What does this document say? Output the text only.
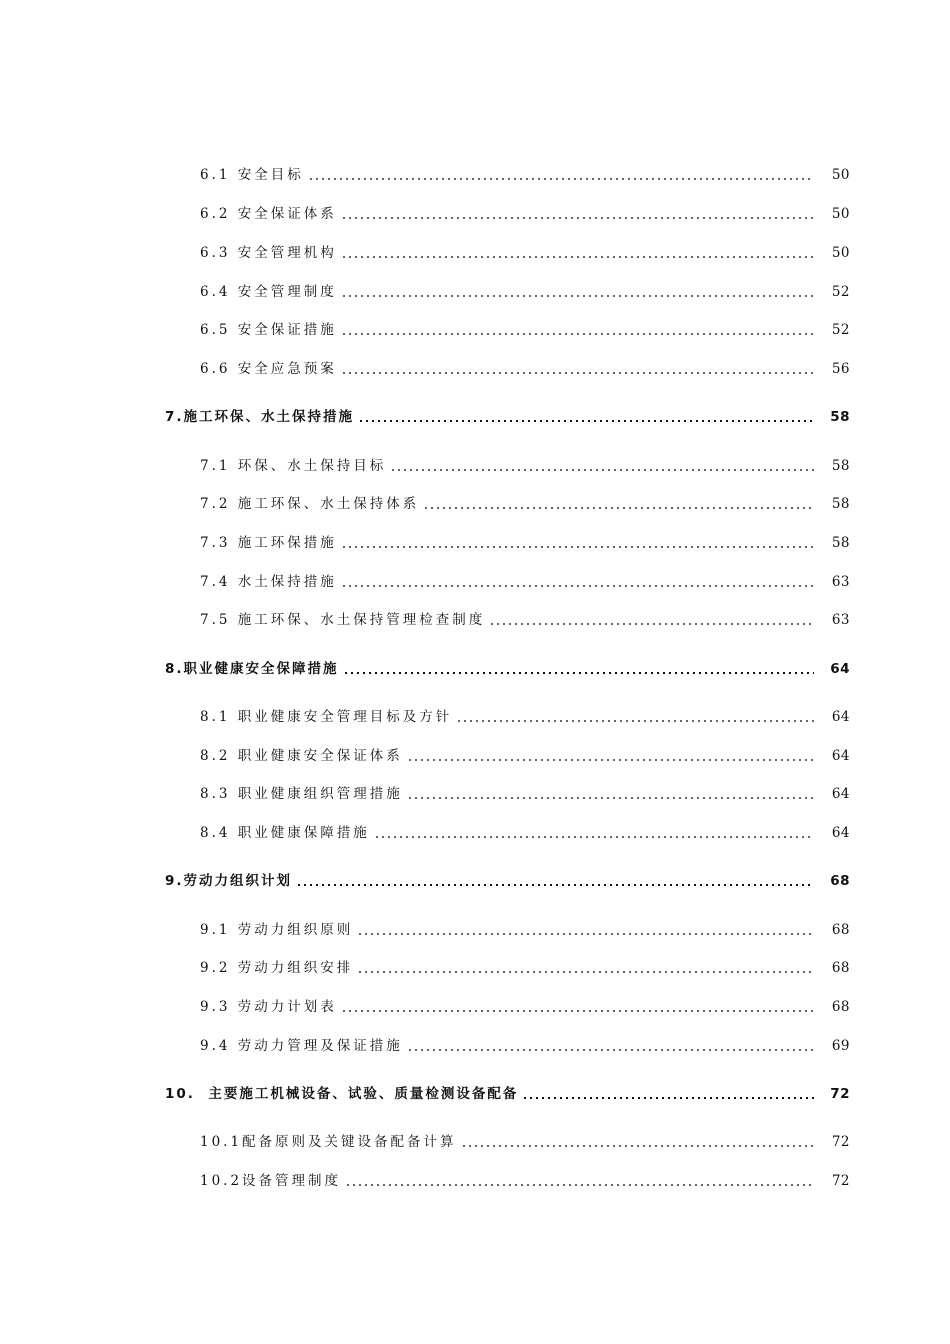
6.1 安全目标	50
6.2 安全保证体系	50
6.3 安全管理机构	50
6.4 安全管理制度	52
6.5 安全保证措施	52
6.6 安全应急预案	56
7.施工环保、水土保持措施	58
7.1 环保、水土保持目标	58
7.2 施工环保、水土保持体系	58
7.3 施工环保措施	58
7.4 水土保持措施	63
7.5 施工环保、水土保持管理检查制度	63
8.职业健康安全保障措施	64
8.1 职业健康安全管理目标及方针	64
8.2 职业健康安全保证体系	64
8.3 职业健康组织管理措施	64
8.4 职业健康保障措施	64
9.劳动力组织计划	68
9.1 劳动力组织原则	68
9.2 劳动力组织安排	68
9.3 劳动力计划表	68
9.4 劳动力管理及保证措施	69
10.  主要施工机械设备、试验、质量检测设备配备	72
10.1配备原则及关键设备配备计算	72
10.2设备管理制度	72
